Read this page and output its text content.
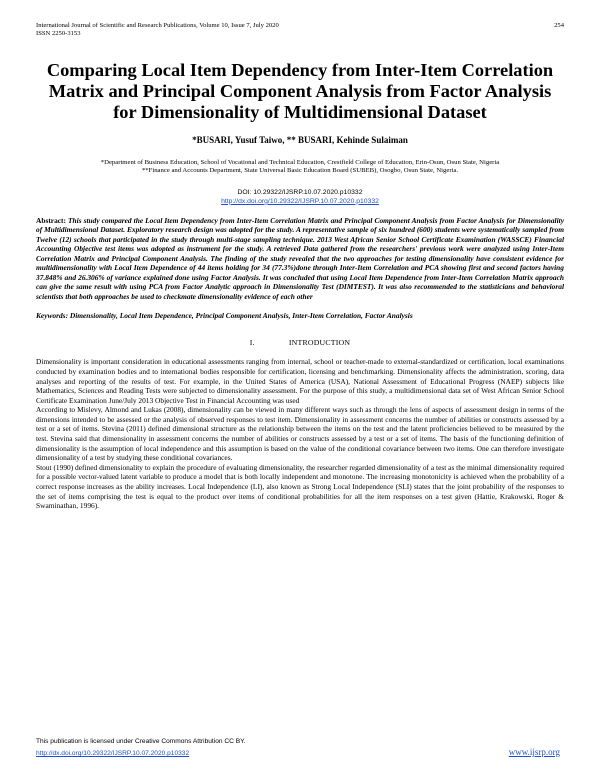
International Journal of Scientific and Research Publications, Volume 10, Issue 7, July 2020
ISSN 2250-3153
254
Comparing Local Item Dependency from Inter-Item Correlation Matrix and Principal Component Analysis from Factor Analysis for Dimensionality of Multidimensional Dataset
*BUSARI, Yusuf Taiwo, ** BUSARI, Kehinde Sulaiman
*Department of Business Education, School of Vocational and Technical Education, Crestfield College of Education, Erin-Osun, Osun State, Nigeria
**Finance and Accounts Department, State Universal Basic Education Board (SUBEB), Osogbo, Osun State, Nigeria.
DOI: 10.29322/IJSRP.10.07.2020.p10332
http://dx.doi.org/10.29322/IJSRP.10.07.2020.p10332
Abstract: This study compared the Local Item Dependency from Inter-Item Correlation Matrix and Principal Component Analysis from Factor Analysis for Dimensionality of Multidimensional Dataset. Exploratory research design was adopted for the study. A representative sample of six hundred (600) students were systematically sampled from Twelve (12) schools that participated in the study through multi-stage sampling technique. 2013 West African Senior School Certificate Examination (WASSCE) Financial Accounting Objective test items was adopted as instrument for the study. A retrieved Data gathered from the researchers' previous work were analyzed using Inter-Item Correlation Matrix and Principal Component Analysis. The finding of the study revealed that the two approaches for testing dimensionality have consistent evidence for multidimensionality with Local Item Dependence of 44 items holding for 34 (77.3%)done through Inter-Item Correlation and PCA showing first and second factors having 37.848% and 26.306% of variance explained done using Factor Analysis. It was concluded that using Local Item Dependence from Inter-Item Correlation Matrix approach can give the same result with using PCA from Factor Analytic approach in Dimensionality Test (DIMTEST). It was also recommended to the statisticians and behavioral scientists that both approaches be used to checkmate dimensionality evidence of each other
Keywords: Dimensionality, Local Item Dependence, Principal Component Analysis, Inter-Item Correlation, Factor Analysis
I.	INTRODUCTION

Dimensionality is important consideration in educational assessments ranging from internal, school or teacher-made to external-standardized or certification, local examinations conducted by examination bodies and to international bodies responsible for certification, licensing and benchmarking. Dimensionality affects the administration, scoring, data analyses and reporting of the results of test. For example, in the United States of America (USA), National Assessment of Educational Progress (NAEP) subjects like Mathematics, Sciences and Reading Tests were subjected to dimensionality assessment. For the purpose of this study, a multidimensional data set of West African Senior School Certificate Examination June/July 2013 Objective Test in Financial Accounting was used

According to Mislevy, Almond and Lukas (2008), dimensionality can be viewed in many different ways such as through the lens of aspects of assessment design in terms of the dimensions intended to be assessed or the analysis of observed responses to test item. Dimensionality in assessment concerns the number of abilities or constructs assessed by a test or a set of items. Stevina (2011) defined dimensional structure as the relationship between the items on the test and the latent proficiencies believed to be measured by the test. Stevina said that dimensionality in assessment concerns the number of abilities or constructs assessed by a test or a set of items. The basis of the functioning definition of dimensionality is the assumption of local independence and this assumption is based on the value of the conditional covariance between two items. One can therefore investigate dimensionality of a test by studying these conditional covariances.

Stout (1990) defined dimensionality to explain the procedure of evaluating dimensionality, the researcher regarded dimensionality of a test as the minimal dimensionality required for a possible vector-valued latent variable to produce a model that is both locally independent and monotone. The increasing monotonicity is achieved when the probability of a correct response increases as the ability increases. Local Independence (LI), also known as Strong Local Independence (SLI) states that the joint probability of the responses to the set of items comprising the test is equal to the product over items of conditional probabilities for all the item responses on a test given (Hattie, Krakowski, Roger & Swaminathan, 1996).

This publication is licensed under Creative Commons Attribution CC BY.
http://dx.doi.org/10.29322/IJSRP.10.07.2020.p10332	www.ijsrp.org
